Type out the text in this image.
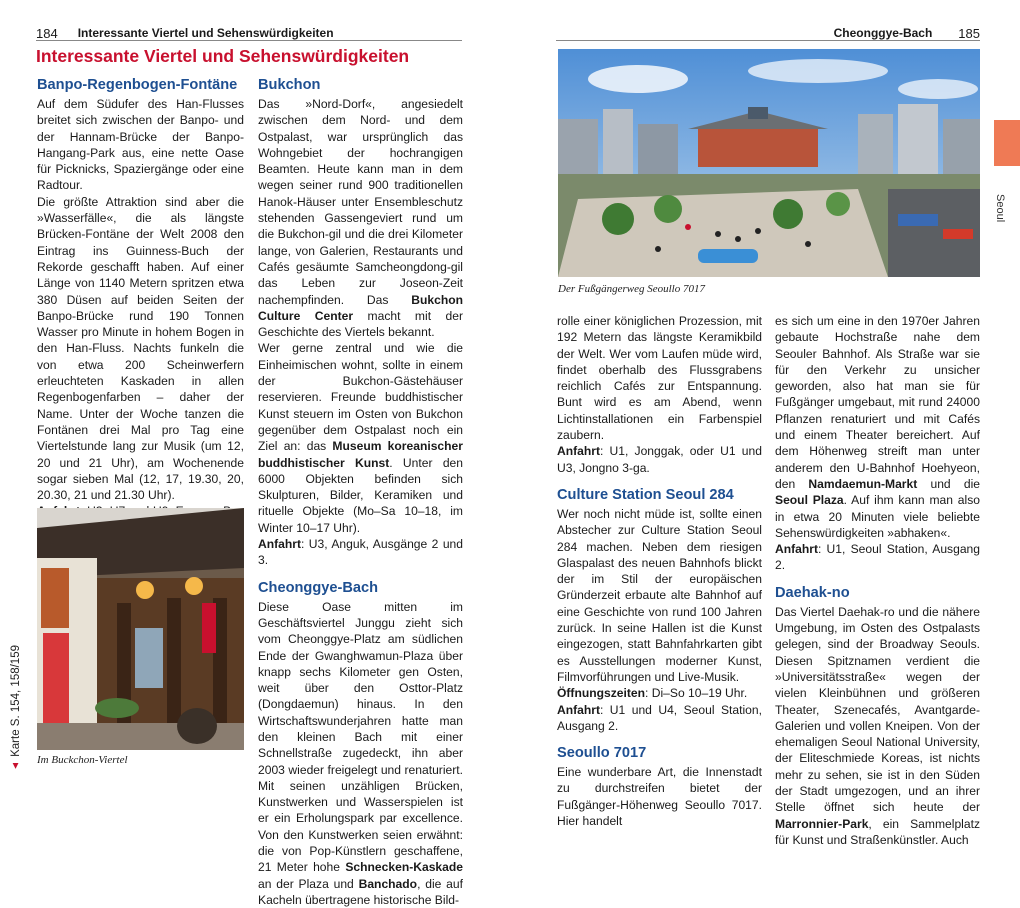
184 Interessante Viertel und Sehenswürdigkeiten
Interessante Viertel und Sehenswürdigkeiten
Banpo-Regenbogen-Fontäne

Auf dem Südufer des Han-Flusses breitet sich zwischen der Banpo- und der Hannam-Brücke der Banpo-Hangang-Park aus, eine nette Oase für Picknicks, Spaziergänge oder eine Radtour.

Die größte Attraktion sind aber die »Wasserfälle«, die als längste Brücken-Fontäne der Welt 2008 den Eintrag ins Guinness-Buch der Rekorde geschafft haben. Auf einer Länge von 1140 Metern spritzen etwa 380 Düsen auf beiden Seiten der Banpo-Brücke rund 190 Tonnen Wasser pro Minute in hohem Bogen in den Han-Fluss. Nachts funkeln die von etwa 200 Scheinwerfern erleuchteten Kaskaden in allen Regenbogenfarben – daher der Name. Unter der Woche tanzen die Fontänen drei Mal pro Tag eine Viertelstunde lang zur Musik (um 12, 20 und 21 Uhr), am Wochenende sogar sieben Mal (12, 17, 19.30, 20, 20.30, 21 und 21.30 Uhr).

Im Buckchon-Viertel
Bukchon

Das »Nord-Dorf«, angesiedelt zwischen dem Nord- und dem Ostpalast, war ursprünglich das Wohngebiet der hochrangigen Beamten. Heute kann man in dem wegen seiner rund 900 traditionellen Hanok-Häuser unter Ensembleschutz stehenden Gassengeviert rund um die Bukchon-gil und die drei Kilometer lange, von Galerien, Restaurants und Cafés gesäumte Samcheongdong-gil das Leben zur Joseon-Zeit nachempfinden. Das Bukchon Culture Center macht mit der Geschichte des Viertels bekannt.

Wer gerne zentral und wie die Einheimischen wohnt, sollte in einem der Bukchon-Gästehäuser reservieren. Freunde buddhistischer Kunst steuern im Osten von Bukchon gegenüber dem Ostpalast noch ein Ziel an: das Museum koreanischer buddhistischer Kunst. Unter den 6000 Objekten befinden sich Skulpturen, Bilder, Keramiken und rituelle Objekte (Mo–Sa 10–18, im Winter 10–17 Uhr).

Anfahrt: U3, Anguk, Ausgänge 2 und 3.

Cheonggye-Bach

Diese Oase mitten im Geschäftsviertel Junggu zieht sich vom Cheonggye-Platz am südlichen Ende der Gwanghwamun-Plaza über knapp sechs Kilometer gen Osten, weit über den Osttor-Platz (Dongdaemun) hinaus. In den Wirtschaftswunderjahren hatte man den kleinen Bach mit einer Schnellstraße zugedeckt, ihn aber 2003 wieder freigelegt und renaturiert. Mit seinen unzähligen Brücken, Kunstwerken und Wasserspielen ist er ein Erholungspark par excellence. Von den Kunstwerken seien erwähnt: die von Pop-Künstlern geschaffene, 21 Meter hohe Schnecken-Kaskade an der Plaza und Banchado, die auf Kacheln übertragene historische Bild-

▲ Karte S. 154, 158/159
Cheonggye-Bach 185
Der Fußgängerweg Seoullo 7017

rolle einer königlichen Prozession, mit 192 Metern das längste Keramikbild der Welt. Wer vom Laufen müde wird, findet oberhalb des Flussgrabens reichlich Cafés zur Entspannung. Bunt wird es am Abend, wenn Lichtinstallationen ein Farbenspiel zaubern.

Anfahrt: U1, Jonggak, oder U1 und U3, Jongno 3-ga.

Culture Station Seoul 284

Wer noch nicht müde ist, sollte einen Abstecher zur Culture Station Seoul 284 machen. Neben dem riesigen Glaspalast des neuen Bahnhofs blickt der im Stil der europäischen Gründerzeit erbaute alte Bahnhof auf eine Geschichte von rund 100 Jahren zurück. In seine Hallen ist die Kunst eingezogen, statt Bahnfahrkarten gibt es Ausstellungen moderner Kunst, Filmvorführungen und Live-Musik.

Öffnungszeiten: Di–So 10–19 Uhr.

Anfahrt: U1 und U4, Seoul Station, Ausgang 2.

Seoullo 7017

Eine wunderbare Art, die Innenstadt zu durchstreifen bietet der Fußgänger-Höhenweg Seoullo 7017. Hier handelt

es sich um eine in den 1970er Jahren gebaute Hochstraße nahe dem Seouler Bahnhof. Als Straße war sie für den Verkehr zu unsicher geworden, also hat man sie für Fußgänger umgebaut, mit rund 24000 Pflanzen renaturiert und mit Cafés und einem Theater bereichert. Auf dem Höhenweg streift man unter anderem den U-Bahnhof Hoehyeon, den Namdaemun-Markt und die Seoul Plaza. Auf ihm kann man also in etwa 20 Minuten viele beliebte Sehenswürdigkeiten »abhaken«.

Anfahrt: U1, Seoul Station, Ausgang 2.

Daehak-no

Das Viertel Daehak-ro und die nähere Umgebung, im Osten des Ostpalasts gelegen, sind der Broadway Seouls. Diesen Spitznamen verdient die »Universitätsstraße« wegen der vielen Kleinbühnen und größeren Theater, Szenecafés, Avantgarde-Galerien und vollen Kneipen. Von der ehemaligen Seoul National University, der Eliteschmiede Koreas, ist nichts mehr zu sehen, sie ist in den Süden der Stadt umgezogen, und an ihrer Stelle öffnet sich heute der Marronnier-Park, ein Sammelplatz für Kunst und Straßenkünstler. Auch

Seoul
